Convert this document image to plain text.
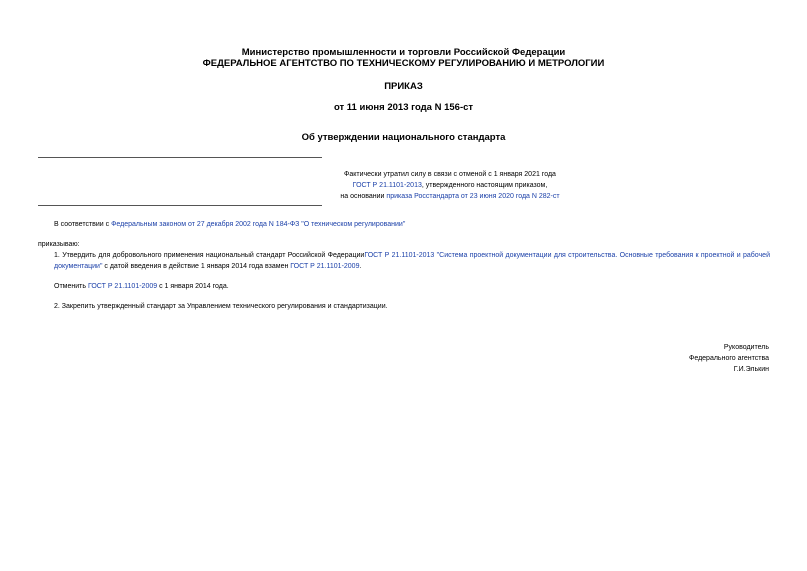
Министерство промышленности и торговли Российской Федерации
ФЕДЕРАЛЬНОЕ АГЕНТСТВО ПО ТЕХНИЧЕСКОМУ РЕГУЛИРОВАНИЮ И МЕТРОЛОГИИ
ПРИКАЗ
от 11 июня 2013 года N 156-ст
Об утверждении национального стандарта
Фактически утратил силу в связи с отменой с 1 января 2021 года
ГОСТ Р 21.1101-2013, утвержденного настоящим приказом,
на основании приказа Росстандарта от 23 июня 2020 года N 282-ст
В соответствии с Федеральным законом от 27 декабря 2002 года N 184-ФЗ "О техническом регулировании"
приказываю:
1. Утвердить для добровольного применения национальный стандарт Российской ФедерацииГОСТ Р 21.1101-2013 "Система проектной документации для строительства. Основные требования к проектной и рабочей документации" с датой введения в действие 1 января 2014 года взамен ГОСТ Р 21.1101-2009.
Отменить ГОСТ Р 21.1101-2009 с 1 января 2014 года.
2. Закрепить утвержденный стандарт за Управлением технического регулирования и стандартизации.
Руководитель
Федерального агентства
Г.И.Элькин
